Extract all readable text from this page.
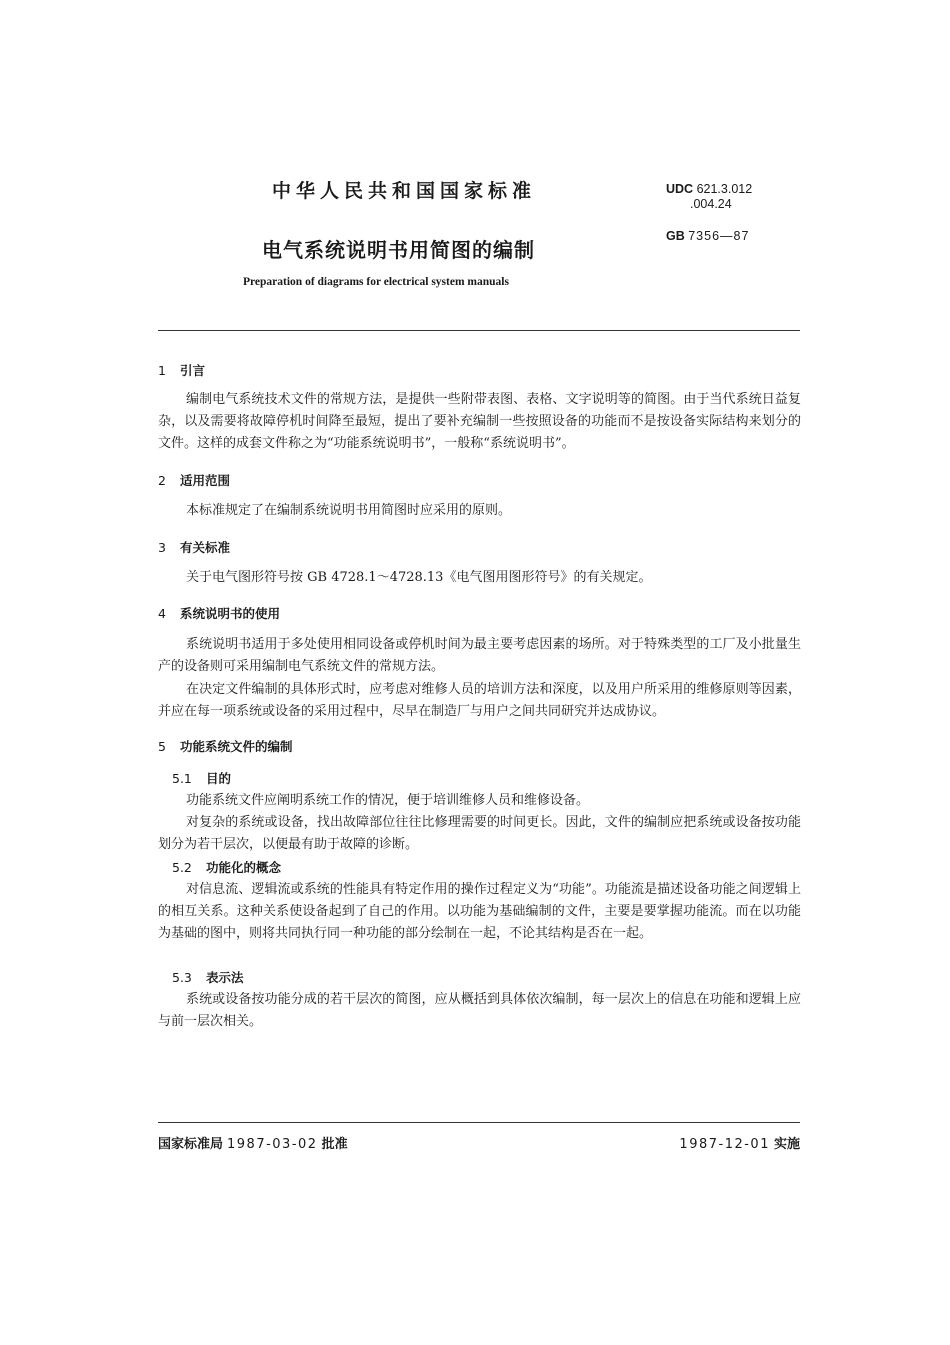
中华人民共和国国家标准	UDC 621.3.012
.004.24
GB 7356—87
电气系统说明书用简图的编制
Preparation of diagrams for electrical system manuals
1 引言
编制电气系统技术文件的常规方法，是提供一些附带表图、表格、文字说明等的简图。由于当代系统日益复杂，以及需要将故障停机时间降至最短，提出了要补充编制一些按照设备的功能而不是按设备实际结构来划分的文件。这样的成套文件称之为“功能系统说明书”，一般称“系统说明书”。
2 适用范围
本标准规定了在编制系统说明书用简图时应采用的原则。
3 有关标准
关于电气图形符号按 GB 4728.1～4728.13《电气图用图形符号》的有关规定。
4 系统说明书的使用
系统说明书适用于多处使用相同设备或停机时间为最主要考虑因素的场所。对于特殊类型的工厂及小批量生产的设备则可采用编制电气系统文件的常规方法。
在决定文件编制的具体形式时，应考虑对维修人员的培训方法和深度，以及用户所采用的维修原则等因素，并应在每一项系统或设备的采用过程中，尽早在制造厂与用户之间共同研究并达成协议。
5 功能系统文件的编制
5.1 目的
功能系统文件应阐明系统工作的情况，便于培训维修人员和维修设备。
对复杂的系统或设备，找出故障部位往往比修理需要的时间更长。因此，文件的编制应把系统或设备按功能划分为若干层次，以便最有助于故障的诊断。
5.2 功能化的概念
对信息流、逻辑流或系统的性能具有特定作用的操作过程定义为“功能”。功能流是描述设备功能之间逻辑上的相互关系。这种关系使设备起到了自己的作用。以功能为基础编制的文件，主要是要掌握功能流。而在以功能为基础的图中，则将共同执行同一种功能的部分绘制在一起，不论其结构是否在一起。
5.3 表示法
系统或设备按功能分成的若干层次的简图，应从概括到具体依次编制，每一层次上的信息在功能和逻辑上应与前一层次相关。
国家标准局 1987-03-02 批准	1987-12-01 实施
